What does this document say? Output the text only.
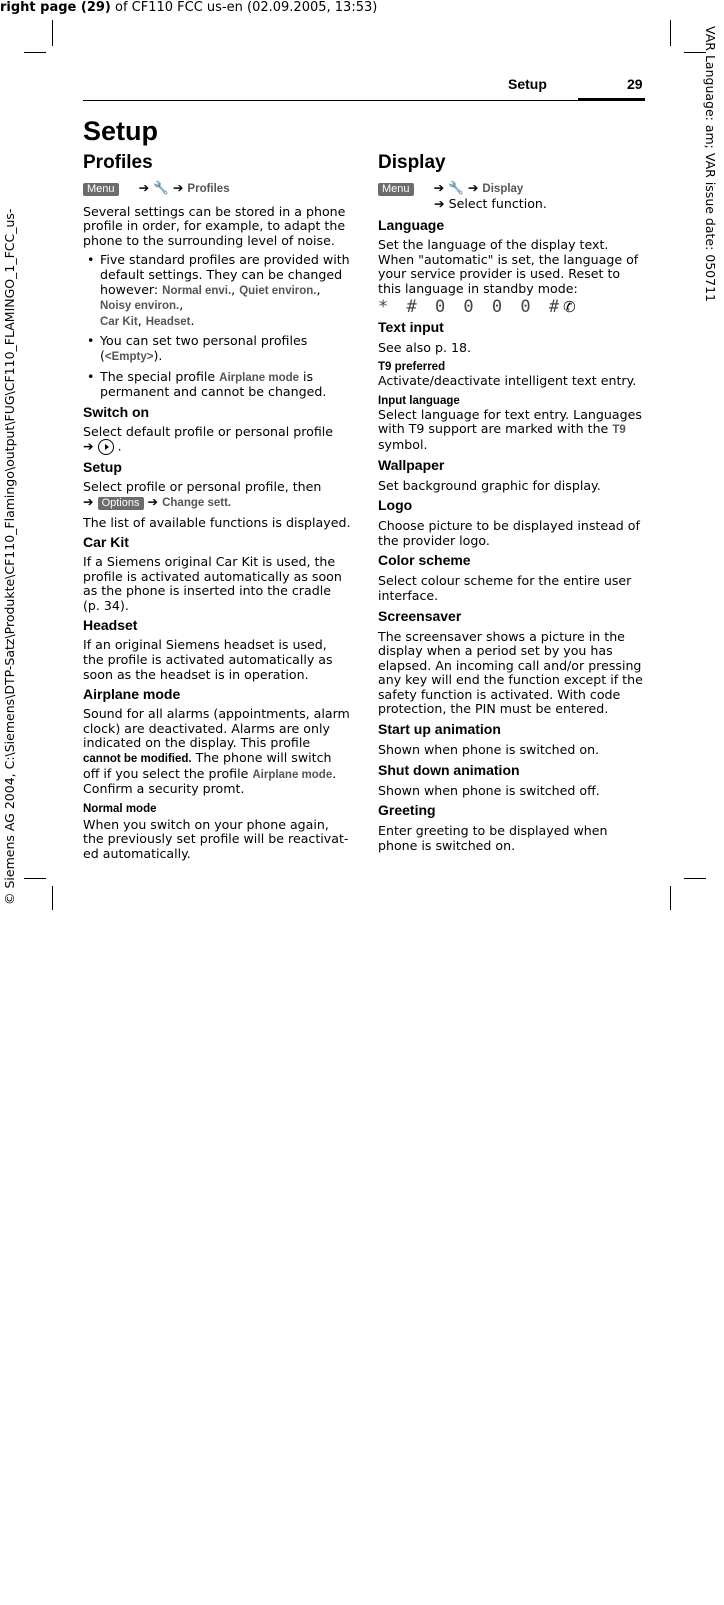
right page (29) of CF110 FCC us-en (02.09.2005, 13:53)
VAR Language: am; VAR issue date: 050711
© Siemens AG 2004, C:\Siemens\DTP-Satz\Produkte\CF110_Flamingo\output\FUG\CF110_FLAMINGO_1_FCC_us-
Setup	29
Setup

Profiles

Menu ➔ 🔧 ➔ Profiles

Several settings can be stored in a phone profile in order, for example, to adapt the phone to the surrounding level of noise.

• Five standard profiles are provided with default settings. They can be changed however: Normal envi., Quiet environ.,
Noisy environ.,
Car Kit, Headset.
• You can set two personal profiles (<Empty>).
• The special profile Airplane mode is permanent and cannot be changed.

Switch on

Select default profile or personal profile
➔  .

Setup

Select profile or personal profile, then
➔ Options ➔ Change sett.

The list of available functions is displayed.

Car Kit

If a Siemens original Car Kit is used, the profile is activated automatically as soon as the phone is inserted into the cradle (p. 34).

Headset

If an original Siemens headset is used, the profile is activated automatically as soon as the headset is in operation.

Airplane mode

Sound for all alarms (appointments, alarm clock) are deactivated. Alarms are only indicated on the display. This profile cannot be modified. The phone will switch off if you select the profile Airplane mode. Confirm a security promt.

Normal mode

When you switch on your phone again, the previously set profile will be reactivat-ed automatically.

Display

Menu ➔ 🔧 ➔ Display
➔ Select function.

Language

Set the language of the display text. When "automatic" is set, the language of your service provider is used. Reset to this language in standby mode:

* # 0 0 0 0 #✆

Text input

See also p. 18.

T9 preferred

Activate/deactivate intelligent text entry.

Input language

Select language for text entry. Languages with T9 support are marked with the T9 symbol.

Wallpaper

Set background graphic for display.

Logo

Choose picture to be displayed instead of the provider logo.

Color scheme

Select colour scheme for the entire user interface.

Screensaver

The screensaver shows a picture in the display when a period set by you has elapsed. An incoming call and/or pressing any key will end the function except if the safety function is activated. With code protection, the PIN must be entered.

Start up animation

Shown when phone is switched on.

Shut down animation

Shown when phone is switched off.

Greeting

Enter greeting to be displayed when phone is switched on.
